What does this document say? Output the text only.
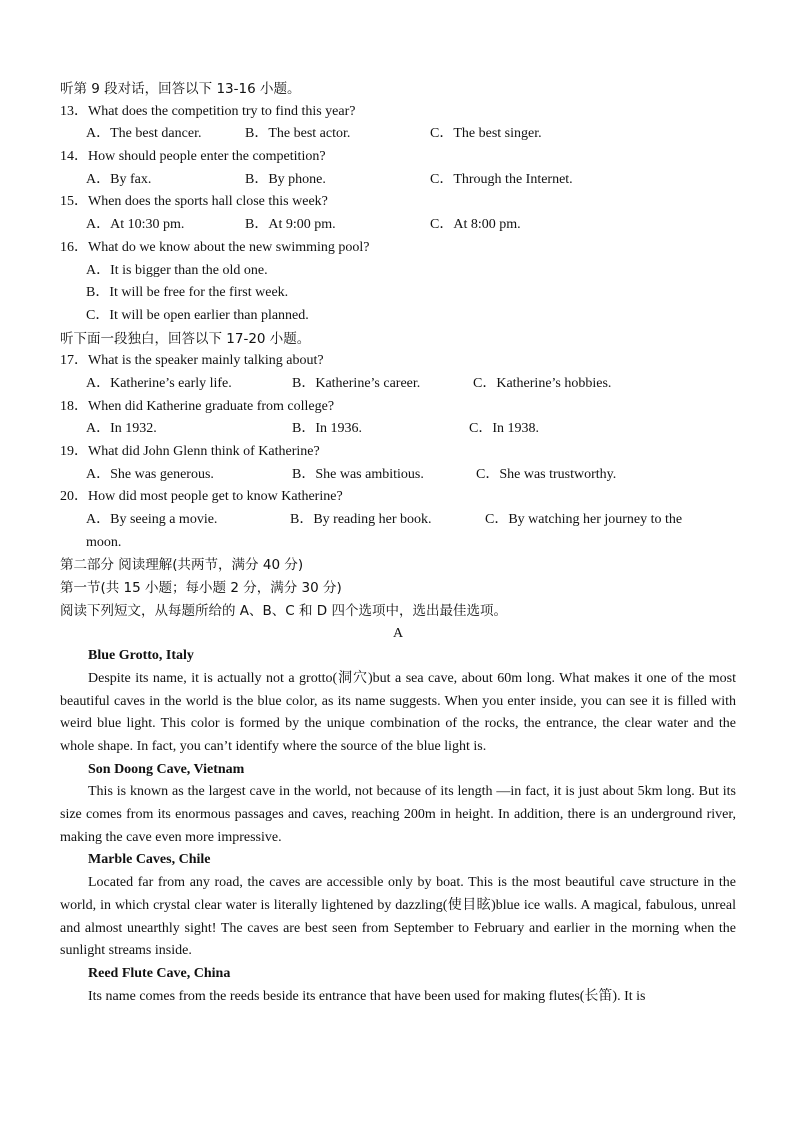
听第 9 段对话，回答以下 13-16 小题。
13．What does the competition try to find this year?
A．The best dancer.	B．The best actor.	C．The best singer.
14．How should people enter the competition?
A．By fax.	B．By phone.	C．Through the Internet.
15．When does the sports hall close this week?
A．At 10:30 pm.	B．At 9:00 pm.	C．At 8:00 pm.
16．What do we know about the new swimming pool?
A．It is bigger than the old one.
B．It will be free for the first week.
C．It will be open earlier than planned.
听下面一段独白，回答以下 17-20 小题。
17．What is the speaker mainly talking about?
A．Katherine’s early life.	B．Katherine’s career.	C．Katherine’s hobbies.
18．When did Katherine graduate from college?
A．In 1932.	B．In 1936.	C．In 1938.
19．What did John Glenn think of Katherine?
A．She was generous.	B．She was ambitious.	C．She was trustworthy.
20．How did most people get to know Katherine?
A．By seeing a movie.	B．By reading her book.	C．By watching her journey to the
moon.
第二部分 阅读理解(共两节，满分 40 分)
第一节(共 15 小题；每小题 2 分，满分 30 分)
阅读下列短文，从每题所给的 A、B、C 和 D 四个选项中，选出最佳选项。
A
Blue Grotto, Italy

Despite its name, it is actually not a grotto(洞穴)but a sea cave, about 60m long. What makes it one of the most beautiful caves in the world is the blue color, as its name suggests. When you enter inside, you can see it is filled with weird blue light. This color is formed by the unique combination of the rocks, the entrance, the clear water and the whole shape. In fact, you can’t identify where the source of the blue light is.

Son Doong Cave, Vietnam

This is known as the largest cave in the world, not because of its length —in fact, it is just about 5km long. But its size comes from its enormous passages and caves, reaching 200m in height. In addition, there is an underground river, making the cave even more impressive.

Marble Caves, Chile

Located far from any road, the caves are accessible only by boat. This is the most beautiful cave structure in the world, in which crystal clear water is literally lightened by dazzling(使目眩)blue ice walls. A magical, fabulous, unreal and almost unearthly sight! The caves are best seen from September to February and earlier in the morning when the sunlight streams inside.

Reed Flute Cave, China

Its name comes from the reeds beside its entrance that have been used for making flutes(长笛). It is
